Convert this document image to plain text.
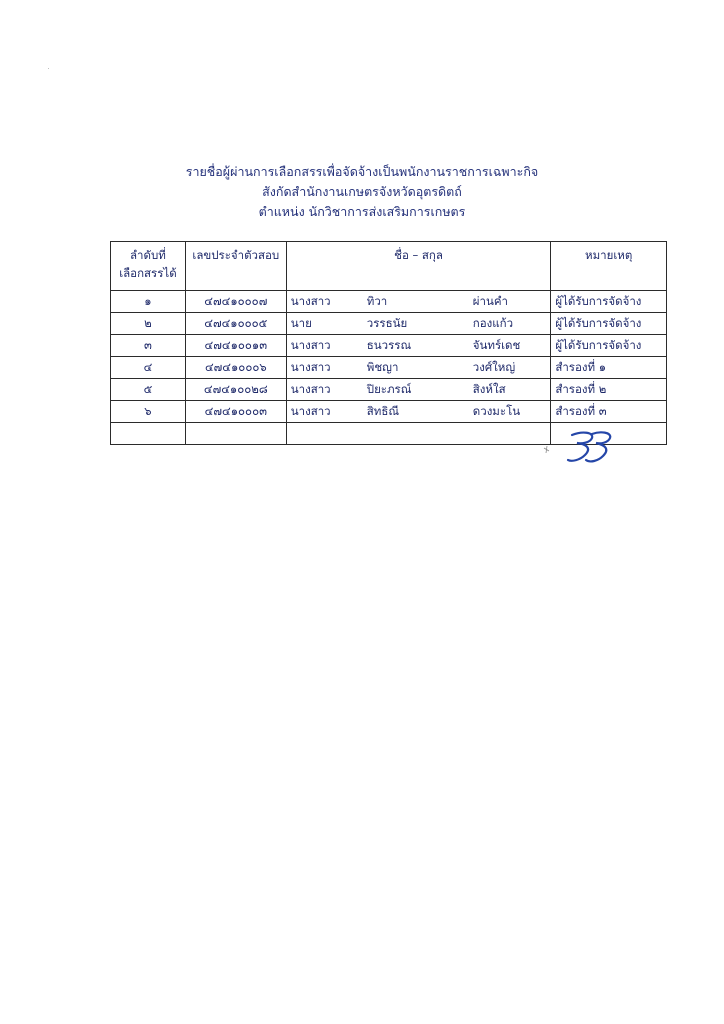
รายชื่อผู้ผ่านการเลือกสรรเพื่อจัดจ้างเป็นพนักงานราชการเฉพาะกิจ
สังกัดสำนักงานเกษตรจังหวัดอุตรดิตถ์
ตำแหน่ง นักวิชาการส่งเสริมการเกษตร
ลำดับที่
เลือกสรรได้	เลขประจำตัวสอบ	ชื่อ – สกุล	หมายเหตุ
๑	๔๗๔๑๐๐๐๗	นางสาว ทิวา ผ่านคำ	ผู้ได้รับการจัดจ้าง
๒	๔๗๔๑๐๐๐๕	นาย วรรธนัย กองแก้ว	ผู้ได้รับการจัดจ้าง
๓	๔๗๔๑๐๐๑๓	นางสาว ธนวรรณ จันทร์เดช	ผู้ได้รับการจัดจ้าง
๔	๔๗๔๑๐๐๐๖	นางสาว พิชญา วงศ์ใหญ่	สำรองที่ ๑
๕	๔๗๔๑๐๐๒๘	นางสาว ปิยะภรณ์ สิงห์ใส	สำรองที่ ๒
๖	๔๗๔๑๐๐๐๓	นางสาว สิทธิณี ดวงมะโน	สำรองที่ ๓
